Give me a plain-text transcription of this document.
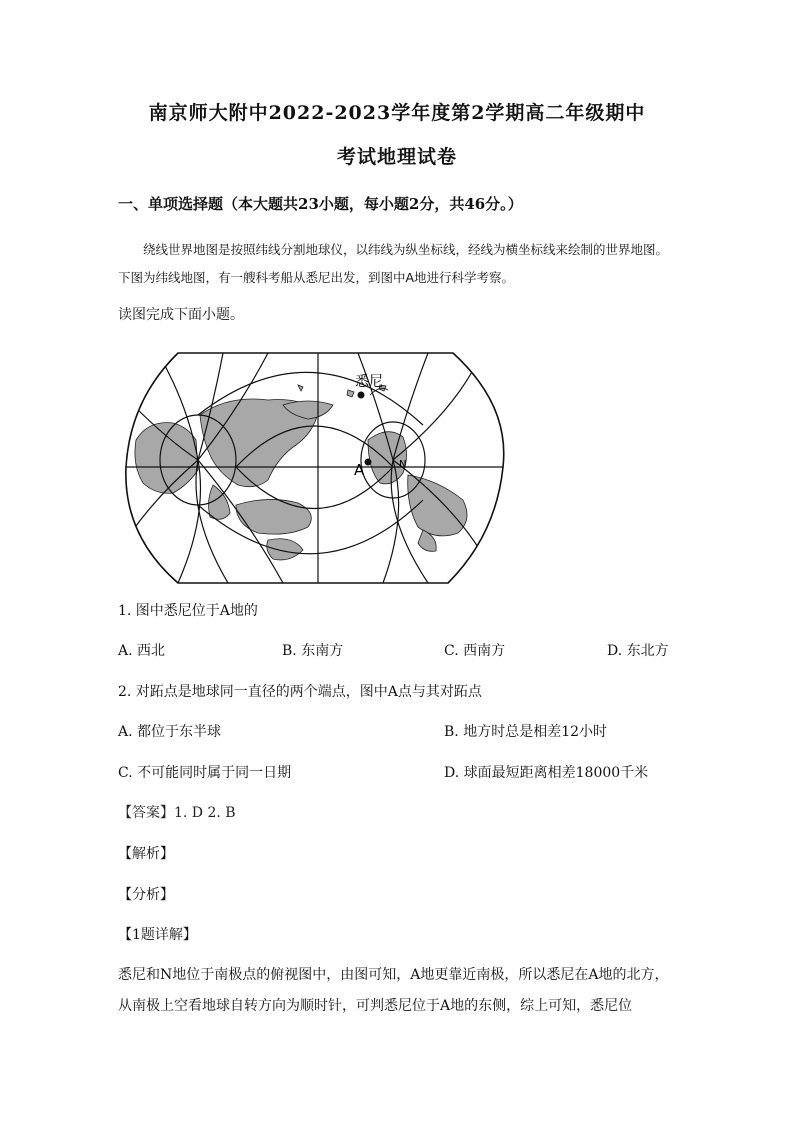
南京师大附中2022-2023学年度第2学期高二年级期中
考试地理试卷
一、单项选择题（本大题共23小题，每小题2分，共46分。）

绕线世界地图是按照纬线分割地球仪，以纬线为纵坐标线，经线为横坐标线来绘制的世界地图。下图为纬线地图，有一艘科考船从悉尼出发，到图中A地进行科学考察。

读图完成下面小题。
悉尼
A	N
1. 图中悉尼位于A地的
A. 西北	B. 东南方	C. 西南方	D. 东北方
2. 对跖点是地球同一直径的两个端点，图中A点与其对跖点
A. 都位于东半球	B. 地方时总是相差12小时
C. 不可能同时属于同一日期	D. 球面最短距离相差18000千米
【答案】1. D 2. B
【解析】
【分析】
【1题详解】
悉尼和N地位于南极点的俯视图中，由图可知，A地更靠近南极，所以悉尼在A地的北方，从南极上空看地球自转方向为顺时针，可判悉尼位于A地的东侧，综上可知，悉尼位
